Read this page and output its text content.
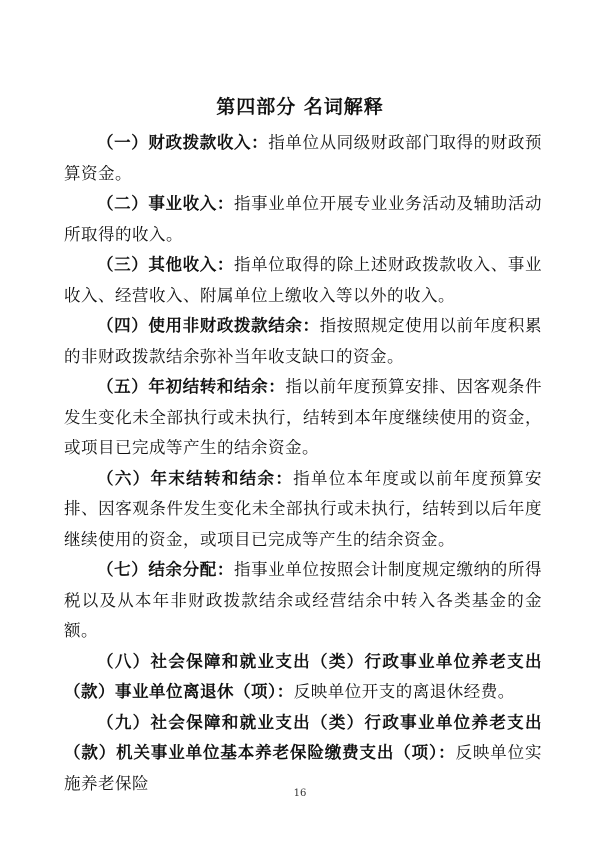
第四部分 名词解释

（一）财政拨款收入：指单位从同级财政部门取得的财政预算资金。

（二）事业收入：指事业单位开展专业业务活动及辅助活动所取得的收入。

（三）其他收入：指单位取得的除上述财政拨款收入、事业收入、经营收入、附属单位上缴收入等以外的收入。

（四）使用非财政拨款结余：指按照规定使用以前年度积累的非财政拨款结余弥补当年收支缺口的资金。

（五）年初结转和结余：指以前年度预算安排、因客观条件发生变化未全部执行或未执行，结转到本年度继续使用的资金，或项目已完成等产生的结余资金。

（六）年末结转和结余：指单位本年度或以前年度预算安排、因客观条件发生变化未全部执行或未执行，结转到以后年度继续使用的资金，或项目已完成等产生的结余资金。

（七）结余分配：指事业单位按照会计制度规定缴纳的所得税以及从本年非财政拨款结余或经营结余中转入各类基金的金额。

（八）社会保障和就业支出（类）行政事业单位养老支出（款）事业单位离退休（项）：反映单位开支的离退休经费。

（九）社会保障和就业支出（类）行政事业单位养老支出（款）机关事业单位基本养老保险缴费支出（项）：反映单位实施养老保险

16
